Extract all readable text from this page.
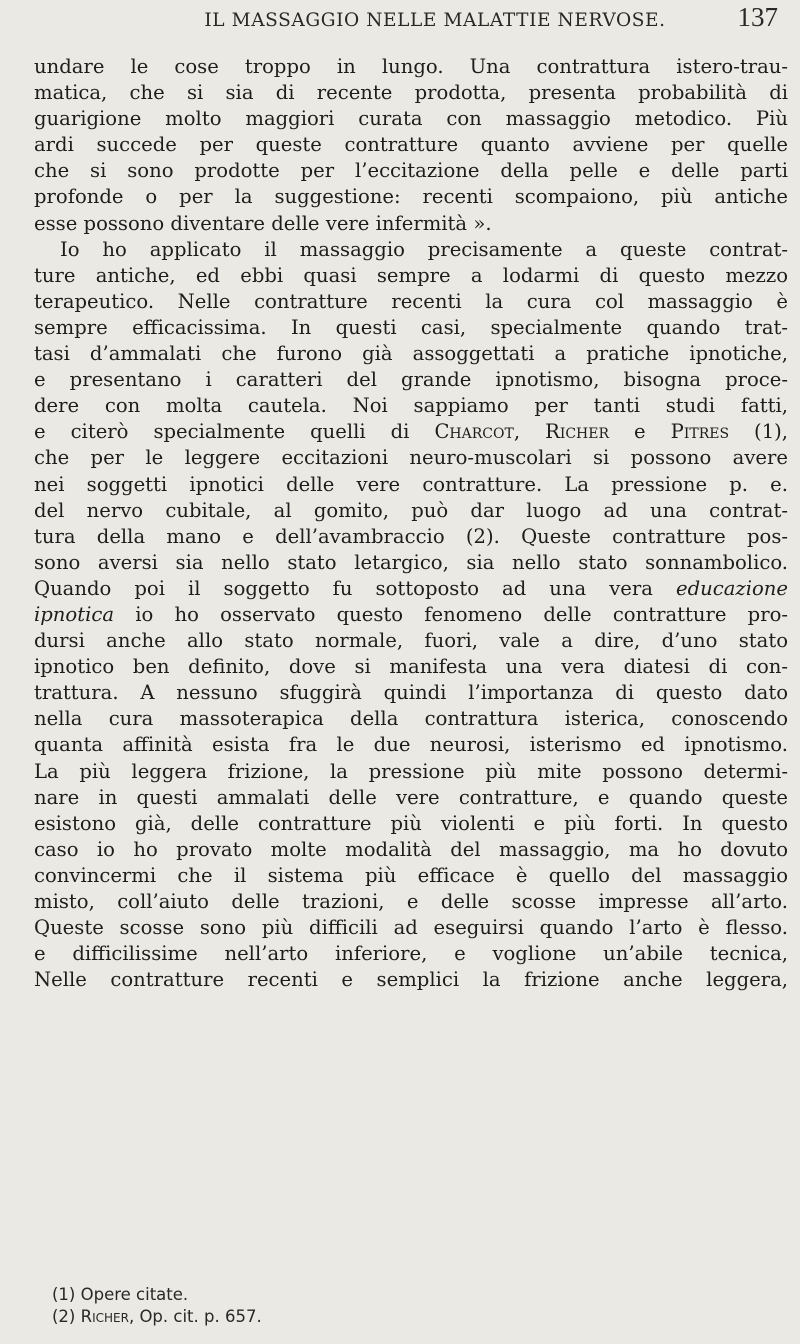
IL MASSAGGIO NELLE MALATTIE NERVOSE.	137
undare le cose troppo in lungo. Una contrattura istero-trau-
matica, che si sia di recente prodotta, presenta probabilità di
guarigione molto maggiori curata con massaggio metodico. Più
ardi succede per queste contratture quanto avviene per quelle
che si sono prodotte per l’eccitazione della pelle e delle parti
profonde o per la suggestione: recenti scompaiono, più antiche
esse possono diventare delle vere infermità ».
Io ho applicato il massaggio precisamente a queste contrat-
ture antiche, ed ebbi quasi sempre a lodarmi di questo mezzo
terapeutico. Nelle contratture recenti la cura col massaggio è
sempre efficacissima. In questi casi, specialmente quando trat-
tasi d’ammalati che furono già assoggettati a pratiche ipnotiche,
e presentano i caratteri del grande ipnotismo, bisogna proce-
dere con molta cautela. Noi sappiamo per tanti studi fatti,
e citerò specialmente quelli di Charcot, Richer e Pitres (1),
che per le leggere eccitazioni neuro-muscolari si possono avere
nei soggetti ipnotici delle vere contratture. La pressione p. e.
del nervo cubitale, al gomito, può dar luogo ad una contrat-
tura della mano e dell’avambraccio (2). Queste contratture pos-
sono aversi sia nello stato letargico, sia nello stato sonnambolico.
Quando poi il soggetto fu sottoposto ad una vera educazione
ipnotica io ho osservato questo fenomeno delle contratture pro-
dursi anche allo stato normale, fuori, vale a dire, d’uno stato
ipnotico ben definito, dove si manifesta una vera diatesi di con-
trattura. A nessuno sfuggirà quindi l’importanza di questo dato
nella cura massoterapica della contrattura isterica, conoscendo
quanta affinità esista fra le due neurosi, isterismo ed ipnotismo.
La più leggera frizione, la pressione più mite possono determi-
nare in questi ammalati delle vere contratture, e quando queste
esistono già, delle contratture più violenti e più forti. In questo
caso io ho provato molte modalità del massaggio, ma ho dovuto
convincermi che il sistema più efficace è quello del massaggio
misto, coll’aiuto delle trazioni, e delle scosse impresse all’arto.
Queste scosse sono più difficili ad eseguirsi quando l’arto è flesso.
e difficilissime nell’arto inferiore, e voglione un’abile tecnica,
Nelle contratture recenti e semplici la frizione anche leggera,
(1) Opere citate.
(2) Richer, Op. cit. p. 657.
